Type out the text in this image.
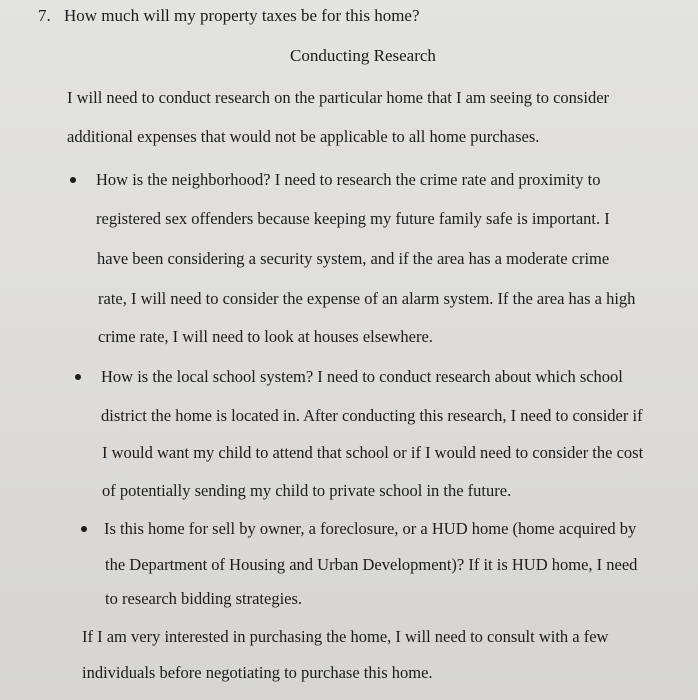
7. How much will my property taxes be for this home?
Conducting Research
I will need to conduct research on the particular home that I am seeing to consider
additional expenses that would not be applicable to all home purchases.
How is the neighborhood? I need to research the crime rate and proximity to
registered sex offenders because keeping my future family safe is important. I
have been considering a security system, and if the area has a moderate crime
rate, I will need to consider the expense of an alarm system. If the area has a high
crime rate, I will need to look at houses elsewhere.
How is the local school system? I need to conduct research about which school
district the home is located in. After conducting this research, I need to consider if
I would want my child to attend that school or if I would need to consider the cost
of potentially sending my child to private school in the future.
Is this home for sell by owner, a foreclosure, or a HUD home (home acquired by
the Department of Housing and Urban Development)? If it is HUD home, I need
to research bidding strategies.
If I am very interested in purchasing the home, I will need to consult with a few
individuals before negotiating to purchase this home.
